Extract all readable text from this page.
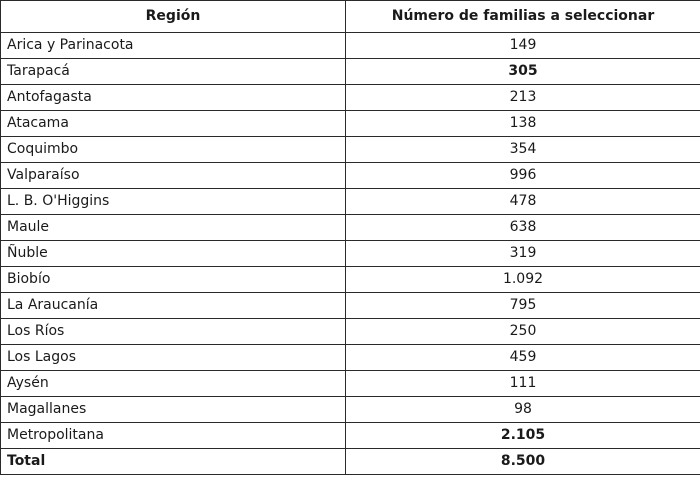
Región	Número de familias a seleccionar
Arica y Parinacota	149
Tarapacá	305
Antofagasta	213
Atacama	138
Coquimbo	354
Valparaíso	996
L. B. O'Higgins	478
Maule	638
Ñuble	319
Biobío	1.092
La Araucanía	795
Los Ríos	250
Los Lagos	459
Aysén	111
Magallanes	98
Metropolitana	2.105
Total	8.500
